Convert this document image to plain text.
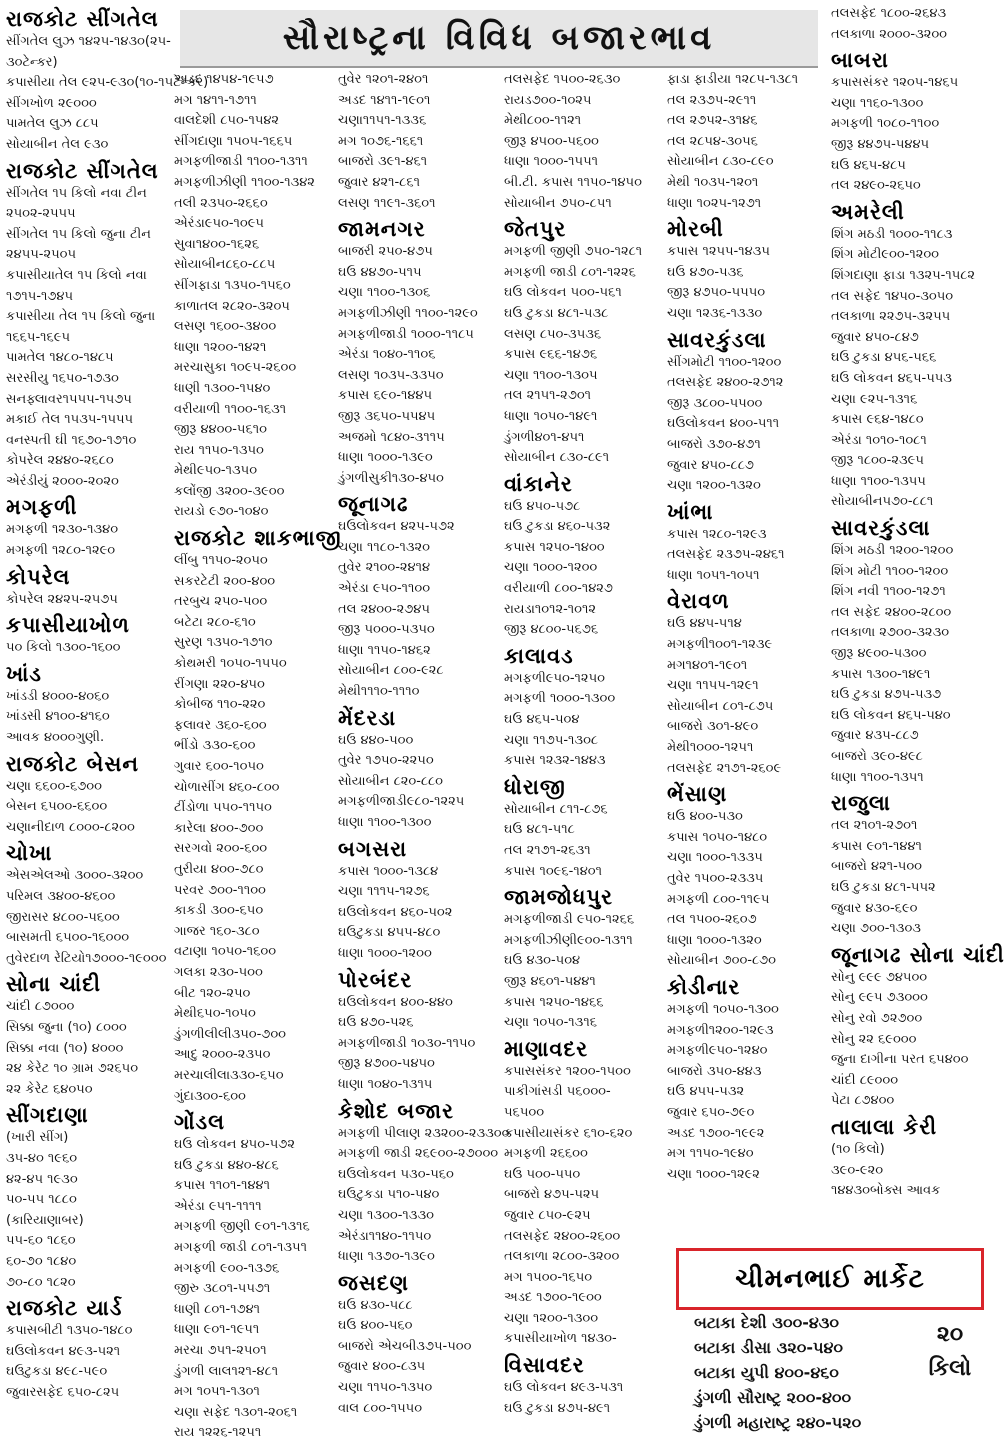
સૌરાષ્ટ્રના વિવિધ બજારભાવ
રાજકોટ સીંગતેલ
સીંગતેલ લુઝ ૧૪૨૫-૧૪૩૦(૨૫-
૩૦ટેન્કર)
કપાસીયા તેલ ૯૨૫-૯૩૦(૧૦-૧૫ટેન્કર)
સીંગખોળ ૨૯૦૦૦
પામતેલ લુઝ ૮૮૫
સોયાબીન તેલ ૯૩૦
રાજકોટ સીંગતેલ
સીંગતેલ ૧૫ કિલો નવા ટીન
૨૫૦૨-૨૫૫૫
સીંગતેલ ૧૫ કિલો જુના ટીન
૨૪૫૫-૨૫૦૫
કપાસીયાતેલ ૧૫ કિલો નવા
૧૭૧૫-૧૭૪૫
કપાસીયા તેલ ૧૫ કિલો જુના
૧૬૬૫-૧૬૯૫
પામતેલ ૧૪૮૦-૧૪૮૫
સરસીયુ ૧૬૫૦-૧૭૩૦
સનફ્લાવર૧૫૫૫-૧૫૭૫
મકાઈ તેલ ૧૫૩૫-૧૫૫૫
વનસ્પતી ઘી ૧૬૭૦-૧૭૧૦
કોપરેલ ૨૪૪૦-૨૬૮૦
એરંડીયું ૨૦૦૦-૨૦૨૦
મગફળી
મગફળી ૧૨૩૦-૧૩૪૦
મગફળી ૧૨૮૦-૧૨૯૦
કોપરેલ
કોપરેલ ૨૪૨૫-૨૫૭૫
કપાસીયાખોળ
૫૦ કિલો ૧૩૦૦-૧૬૦૦
ખાંડ
ખાંડડી ૪૦૦૦-૪૦૬૦
ખાંડસી ૪૧૦૦-૪૧૬૦
આવક ૪૦૦૦ગુણી.
રાજકોટ બેસન
ચણા ૬૬૦૦-૬૭૦૦
બેસન ૬૫૦૦-૬૬૦૦
ચણાનીદાળ ૮૦૦૦-૮૨૦૦
ચોખા
એસએલઓ ૩૦૦૦-૩૨૦૦
પરિમલ ૩૪૦૦-૪૬૦૦
જીરાસર ૪૮૦૦-૫૬૦૦
બાસમતી ૬૫૦૦-૧૬૦૦૦
તુવેરદાળ રેટિયો૧૭૦૦૦-૧૯૦૦૦
સોના ચાંદી
ચાંદી ૮૭૦૦૦
સિક્કા જુના (૧૦) ૮૦૦૦
સિક્કા નવા (૧૦) ૪૦૦૦
૨૪ કેરેટ ૧૦ ગ્રામ ૭૨૬૫૦
૨૨ કેરેટ ૬૪૦૫૦
સીંગદાણા
(ખારી સીંગ)
૩૫-૪૦ ૧૯૬૦
૪૨-૪૫ ૧૯૩૦
૫૦-૫૫ ૧૮૮૦
(કારિયાણાબર)
૫૫-૬૦ ૧૮૬૦
૬૦-૭૦ ૧૮૪૦
૭૦-૮૦ ૧૮૨૦
રાજકોટ યાર્ડ
કપાસબીટી ૧૩૫૦-૧૪૮૦
ઘઉલોકવન ૪૯૩-૫૨૧
ઘઉટુકડા ૪૯૮-૫૯૦
જુવારસફેદ ૬૫૦-૮૨૫
અડદ ૧૪૫૪-૧૯૫૭
મગ ૧૪૧૧-૧૭૧૧
વાલદેશી ૮૫૦-૧૫૪૨
સીંગદાણા ૧૫૦૫-૧૬૬૫
મગફળીજાડી ૧૧૦૦-૧૩૧૧
મગફળીઝીણી ૧૧૦૦-૧૩૪૨
તલી ૨૩૫૦-૨૬૬૦
એરંડા૯૫૦-૧૦૯૫
સુવા૧૪૦૦-૧૬૨૬
સોયાબીન૮૬૦-૮૮૫
સીંગફાડા ૧૩૫૦-૧૫૬૦
કાળાતલ ૨૮૨૦-૩૨૦૫
લસણ ૧૬૦૦-૩૪૦૦
ધાણા ૧૨૦૦-૧૪૨૧
મરચાસુકા ૧૦૯૫-૨૬૦૦
ધાણી ૧૩૦૦-૧૫૪૦
વરીયાળી ૧૧૦૦-૧૬૩૧
જીરૂ ૪૪૦૦-૫૬૧૦
રાય ૧૧૫૦-૧૩૫૦
મેથી૯૫૦-૧૩૫૦
કલોંજી ૩૨૦૦-૩૯૦૦
રાયડો ૯૭૦-૧૦૪૦
રાજકોટ શાકભાજી
લીંબુ ૧૧૫૦-૨૦૫૦
સકરટેટી ૨૦૦-૪૦૦
તરબુચ ૨૫૦-૫૦૦
બટેટા ૨૮૦-૬૧૦
સુરણ ૧૩૫૦-૧૭૧૦
કોથમરી ૧૦૫૦-૧૫૫૦
રીંગણા ૨૨૦-૪૫૦
કોબીજ ૧૧૦-૨૨૦
ફલાવર ૩૬૦-૬૦૦
ભીંડો ૩૩૦-૬૦૦
ગુવાર ૬૦૦-૧૦૫૦
ચોળાસીંગ ૪૬૦-૮૦૦
ટીંડોળા ૫૫૦-૧૧૫૦
કારેલા ૪૦૦-૭૦૦
સરગવો ૨૦૦-૬૦૦
તુરીયા ૪૦૦-૭૮૦
પરવર ૭૦૦-૧૧૦૦
કાકડી ૩૦૦-૬૫૦
ગાજર ૧૬૦-૩૮૦
વટાણા ૧૦૫૦-૧૬૦૦
ગલકા ૨૩૦-૫૦૦
બીટ ૧૨૦-૨૫૦
મેથી૬૫૦-૧૦૫૦
ડુંગળીલીલી૩૫૦-૭૦૦
આદુ ૨૦૦૦-૨૩૫૦
મરચાલીલા૩૩૦-૬૫૦
ગુંદા૩૦૦-૬૦૦
ગોંડલ
ઘઉ લોકવન ૪૫૦-૫૭૨
ઘઉ ટુકડા ૪૪૦-૪૮૬
કપાસ ૧૧૦૧-૧૪૪૧
એરંડા ૯૫૧-૧૧૧૧
મગફળી જીણી ૯૦૧-૧૩૧૬
મગફળી જાડી ૮૦૧-૧૩૫૧
મગફળી ૯૦૦-૧૩૭૬
જીરુ ૩૮૦૧-૫૫૭૧
ધાણી ૮૦૧-૧૭૪૧
ધાણા ૯૦૧-૧૯૫૧
મરચા ૭૫૧-૨૫૦૧
ડુંગળી લાલ૧૨૧-૪૮૧
મગ ૧૦૫૧-૧૩૦૧
ચણા સફેદ ૧૩૦૧-૨૦૬૧
રાય ૧૨૨૬-૧૨૫૧
તુવેર ૧૨૦૧-૨૪૦૧
અડદ ૧૪૧૧-૧૯૦૧
ચણા૧૧૫૧-૧૩૩૬
મગ ૧૦૭૬-૧૬૬૧
બાજરો ૩૯૧-૪૬૧
જુવાર ૪૨૧-૮૬૧
લસણ ૧૧૯૧-૩૬૦૧
જામનગર
બાજરી ૨૫૦-૪૭૫
ઘઉ ૪૪૭૦-૫૧૫
ચણા ૧૧૦૦-૧૩૦૬
મગફળીઝીણી ૧૧૦૦-૧૨૯૦
મગફળીજાડી ૧૦૦૦-૧૧૮૫
એરંડા ૧૦૪૦-૧૧૦૬
લસણ ૧૦૩૫-૩૩૫૦
કપાસ ૬૯૦-૧૪૪૫
જીરૂ ૩૬૫૦-૫૫૪૫
અજમો ૧૮૪૦-૩૧૧૫
ધાણા ૧૦૦૦-૧૩૯૦
ડુંગળીસુકી૧૩૦-૪૫૦
જૂનાગઢ
ઘઉલોકવન ૪૨૫-૫૭૨
ચણા ૧૧૮૦-૧૩૨૦
તુવેર ૨૧૦૦-૨૪૧૪
એરંડા ૯૫૦-૧૧૦૦
તલ ૨૪૦૦-૨૭૪૫
જીરૂ ૫૦૦૦-૫૩૫૦
ધાણા ૧૧૫૦-૧૪૬૨
સોયાબીન ૮૦૦-૯૨૮
મેથી૧૧૧૦-૧૧૧૦
મેંદરડા
ઘઉ ૪૪૦-૫૦૦
તુવેર ૧૭૫૦-૨૨૫૦
સોયાબીન ૮૨૦-૮૮૦
મગફળીજાડી૯૮૦-૧૨૨૫
ધાણા ૧૧૦૦-૧૩૦૦
બગસરા
કપાસ ૧૦૦૦-૧૩૮૪
ચણા ૧૧૧૫-૧૨૭૬
ઘઉલોકવન ૪૬૦-૫૦૨
ઘઉટુકડા ૪૫૫-૪૮૦
ધાણા ૧૦૦૦-૧૨૦૦
પોરબંદર
ઘઉલોકવન ૪૦૦-૪૪૦
ઘઉ ૪૭૦-૫૨૬
મગફળીજાડી ૧૦૩૦-૧૧૫૦
જીરૂ ૪૭૦૦-૫૪૫૦
ધાણા ૧૦૪૦-૧૩૧૫
કેશોદ બજાર
મગફળી પીલાણ ૨૩૨૦૦-૨૩૩૦૦
મગફળી જાડી ૨૬૯૦૦-૨૭૦૦૦
ઘઉલોકવન ૫૩૦-૫૬૦
ઘઉટુકડા ૫૧૦-૫૪૦
ચણા ૧૩૦૦-૧૩૩૦
એરંડા૧૧૪૦-૧૧૫૦
ધાણા ૧૩૭૦-૧૩૯૦
જસદણ
ઘઉ ૪૩૦-૫૮૮
ઘઉ ૪૦૦-૫૬૦
બાજરો એચબી૩૭૫-૫૦૦
જુવાર ૪૦૦-૮૩૫
ચણા ૧૧૫૦-૧૩૫૦
વાલ ૮૦૦-૧૫૫૦
તલસફેદ ૧૫૦૦-૨૬૩૦
રાયડ૭૦૦-૧૦૨૫
મેથી૮૦૦-૧૧૨૧
જીરૂ ૪૫૦૦-૫૬૦૦
ધાણા ૧૦૦૦-૧૫૫૧
બી.ટી. કપાસ ૧૧૫૦-૧૪૫૦
સોયાબીન ૭૫૦-૮૫૧
જેતપુર
મગફળી જીણી ૭૫૦-૧૨૮૧
મગફળી જાડી ૮૦૧-૧૨૨૬
ઘઉ લોકવન ૫૦૦-૫૬૧
ઘઉ ટુકડા ૪૮૧-૫૩૮
લસણ ૮૫૦-૩૫૩૬
કપાસ ૯૬૬-૧૪૭૬
ચણા ૧૧૦૦-૧૩૦૫
તલ ૨૧૫૧-૨૭૦૧
ધાણા ૧૦૫૦-૧૪૯૧
ડુંગળી૪૦૧-૪૫૧
સોયાબીન ૮૩૦-૮૯૧
વાંકાનેર
ઘઉ ૪૫૦-૫૭૮
ઘઉ ટુકડા ૪૬૦-૫૩૨
કપાસ ૧૨૫૦-૧૪૦૦
ચણા ૧૦૦૦-૧૨૦૦
વરીયાળી ૮૦૦-૧૪૨૭
રાયડા૧૦૧૨-૧૦૧૨
જીરૂ ૪૮૦૦-૫૬૭૬
કાલાવડ
મગફળી૯૫૦-૧૨૫૦
મગફળી ૧૦૦૦-૧૩૦૦
ઘઉ ૪૬૫-૫૦૪
ચણા ૧૧૭૫-૧૩૦૮
કપાસ ૧૨૩૨-૧૪૪૩
ધોરાજી
સોયાબીન ૮૧૧-૮૭૬
ઘઉ ૪૮૧-૫૧૮
તલ ૨૧૭૧-૨૬૩૧
કપાસ ૧૦૯૬-૧૪૦૧
જામજોધપુર
મગફળીજાડી ૯૫૦-૧૨૬૬
મગફળીઝીણી૯૦૦-૧૩૧૧
ઘઉ ૪૩૦-૫૦૪
જીરૂ ૪૬૦૧-૫૪૪૧
કપાસ ૧૨૫૦-૧૪૬૬
ચણા ૧૦૫૦-૧૩૧૬
માણાવદર
કપાસસંકર ૧૨૦૦-૧૫૦૦
પાકીગાંસડી ૫૬૦૦૦-
૫૬૫૦૦
કપાસીયાસંકર ૬૧૦-૬૨૦
મગફળી ૨૬૬૦૦
ઘઉ ૫૦૦-૫૫૦
બાજરો ૪૭૫-૫૨૫
જુવાર ૮૫૦-૯૨૫
તલસફેદ ૨૪૦૦-૨૬૦૦
તલકાળા ૨૮૦૦-૩૨૦૦
મગ ૧૫૦૦-૧૬૫૦
અડદ ૧૭૦૦-૧૯૦૦
ચણા ૧૨૦૦-૧૩૦૦
કપાસીયાખોળ ૧૪૩૦-
વિસાવદર
ઘઉ લોકવન ૪૯૩-૫૩૧
ઘઉ ટુકડા ૪૭૫-૪૯૧
ફાડા ફાડીયા ૧૨૮૫-૧૩૮૧
તલ ૨૩૭૫-૨૯૧૧
તલ ૨૭૫૨-૩૧૪૬
તલ ૨૮૫૪-૩૦૫૬
સોયાબીન ૮૩૦-૮૯૦
મેથી ૧૦૩૫-૧૨૦૧
ધાણા ૧૦૨૫-૧૨૭૧
મોરબી
કપાસ ૧૨૫૫-૧૪૩૫
ઘઉ ૪૭૦-૫૩૬
જીરૂ ૪૭૫૦-૫૫૫૦
ચણા ૧૨૩૬-૧૩૩૦
સાવરકુંડલા
સીંગમોટી ૧૧૦૦-૧૨૦૦
તલસફેદ ૨૪૦૦-૨૭૧૨
જીરૂ ૩૮૦૦-૫૫૦૦
ઘઉલોકવન ૪૦૦-૫૧૧
બાજરો ૩૭૦-૪૭૧
જુવાર ૪૫૦-૮૮૭
ચણા ૧૨૦૦-૧૩૨૦
ખાંભા
કપાસ ૧૨૮૦-૧૨૯૩
તલસફેદ ૨૩૭૫-૨૪૬૧
ધાણા ૧૦૫૧-૧૦૫૧
વેરાવળ
ઘઉ ૪૪૫-૫૧૪
મગફળી૧૦૦૧-૧૨૩૯
મગ૧૪૦૧-૧૯૦૧
ચણા ૧૧૫૫-૧૨૯૧
સોયાબીન ૮૦૧-૮૭૫
બાજરો ૩૦૧-૪૯૦
મેથી૧૦૦૦-૧૨૫૧
તલસફેદ ૨૧૭૧-૨૬૦૯
ભેંસાણ
ઘઉ ૪૦૦-૫૩૦
કપાસ ૧૦૫૦-૧૪૮૦
ચણા ૧૦૦૦-૧૩૩૫
તુવેર ૧૫૦૦-૨૩૩૫
મગફળી ૮૦૦-૧૧૯૫
તલ ૧૫૦૦-૨૬૦૭
ધાણા ૧૦૦૦-૧૩૨૦
સોયાબીન ૭૦૦-૮૭૦
કોડીનાર
મગફળી ૧૦૫૦-૧૩૦૦
મગફળી૧૨૦૦-૧૨૯૩
મગફળી૯૫૦-૧૨૪૦
બાજરો ૩૫૦-૪૪૩
ઘઉ ૪૫૫-૫૩૨
જુવાર ૬૫૦-૭૯૦
અડદ ૧૭૦૦-૧૯૯૨
મગ ૧૧૫૦-૧૯૪૦
ચણા ૧૦૦૦-૧૨૯૨
તલસફેદ ૧૮૦૦-૨૬૪૩
તલકાળા ૨૦૦૦-૩૨૦૦
બાબરા
કપાસસંકર ૧૨૦૫-૧૪૬૫
ચણા ૧૧૬૦-૧૩૦૦
મગફળી ૧૦૮૦-૧૧૦૦
જીરૂ ૪૪૭૫-૫૪૪૫
ઘઉ ૪૬૫-૪૮૫
તલ ૨૪૯૦-૨૬૫૦
અમરેલી
શિંગ મઠડી ૧૦૦૦-૧૧૮૩
શિંગ મોટી૯૦૦-૧૨૦૦
શિંગદાણા ફાડા ૧૩૨૫-૧૫૮૨
તલ સફેદ ૧૪૫૦-૩૦૫૦
તલકાળા ૨૨૭૫-૩૨૫૫
જુવાર ૪૫૦-૮૪૭
ઘઉ ટુકડા ૪૫૬-૫૬૬
ઘઉ લોકવન ૪૬૫-૫૫૩
ચણા ૯૨૫-૧૩૧૬
કપાસ ૯૬૪-૧૪૮૦
એરંડા ૧૦૧૦-૧૦૮૧
જીરૂ ૧૮૦૦-૨૩૯૫
ધાણા ૧૧૦૦-૧૩૫૫
સોયાબીન૫૭૦-૮૮૧
સાવરકુંડલા
શિંગ મઠડી ૧૨૦૦-૧૨૦૦
શિંગ મોટી ૧૧૦૦-૧૨૦૦
શિંગ નવી ૧૧૦૦-૧૨૭૧
તલ સફેદ ૨૪૦૦-૨૮૦૦
તલકાળા ૨૭૦૦-૩૨૩૦
જીરૂ ૪૯૦૦-૫૩૦૦
કપાસ ૧૩૦૦-૧૪૯૧
ઘઉ ટુકડા ૪૭૫-૫૩૭
ઘઉ લોકવન ૪૬૫-૫૪૦
જુવાર ૪૩૫-૮૮૭
બાજરો ૩૯૦-૪૯૮
ધાણા ૧૧૦૦-૧૩૫૧
રાજુલા
તલ ૨૧૦૧-૨૭૦૧
કપાસ ૯૦૧-૧૪૪૧
બાજરો ૪૨૧-૫૦૦
ઘઉ ટુકડા ૪૮૧-૫૫૨
જુવાર ૪૩૦-૬૯૦
ચણા ૭૦૦-૧૩૦૩
જૂનાગઢ સોના ચાંદી
સોનુ ૯૯૯ ૭૪૫૦૦
સોનુ ૯૯૫ ૭૩૦૦૦
સોનુ રવો ૭૨૭૦૦
સોનુ ૨૨ ૬૯૦૦૦
જુના દાગીના પરત ૬૫૪૦૦
ચાંદી ૮૯૦૦૦
પેટા ૮૭૪૦૦
તાલાલા કેરી
(૧૦ કિલો)
૩૯૦-૯૨૦
૧૪૪૩૦બોક્સ આવક
ચીમનભાઈ માર્કેટ
બટાકા દેશી ૩૦૦-૪૩૦
બટાકા ડીસા ૩૨૦-૫૪૦
બટાકા યુપી ૪૦૦-૪૬૦
ડુંગળી સૌરાષ્ટ્ર ૨૦૦-૪૦૦
ડુંગળી મહારાષ્ટ્ર ૨૪૦-૫૨૦
૨૦
કિલો
